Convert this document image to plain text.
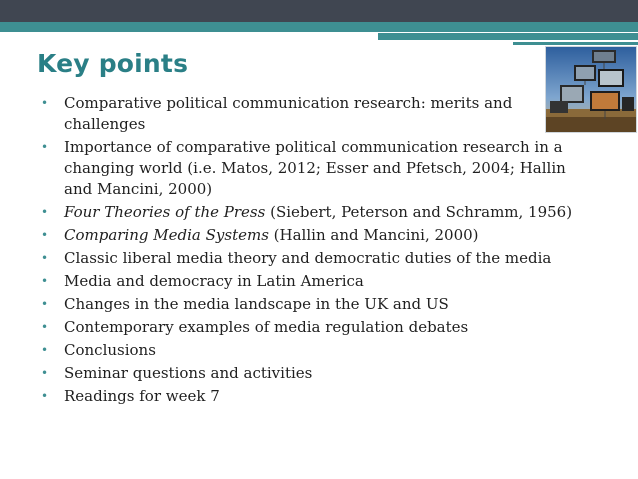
Key points
• Comparative political communication research: merits and challenges
• Importance of comparative political communication research in a changing world (i.e. Matos, 2012; Esser and Pfetsch, 2004; Hallin and Mancini, 2000)
• Four Theories of the Press (Siebert, Peterson and Schramm, 1956)
• Comparing Media Systems (Hallin and Mancini, 2000)
• Classic liberal media theory and democratic duties of the media
• Media and democracy in Latin America
• Changes in the media landscape in the UK and US
• Contemporary examples of media regulation debates
• Conclusions
• Seminar questions and activities
• Readings for week 7
